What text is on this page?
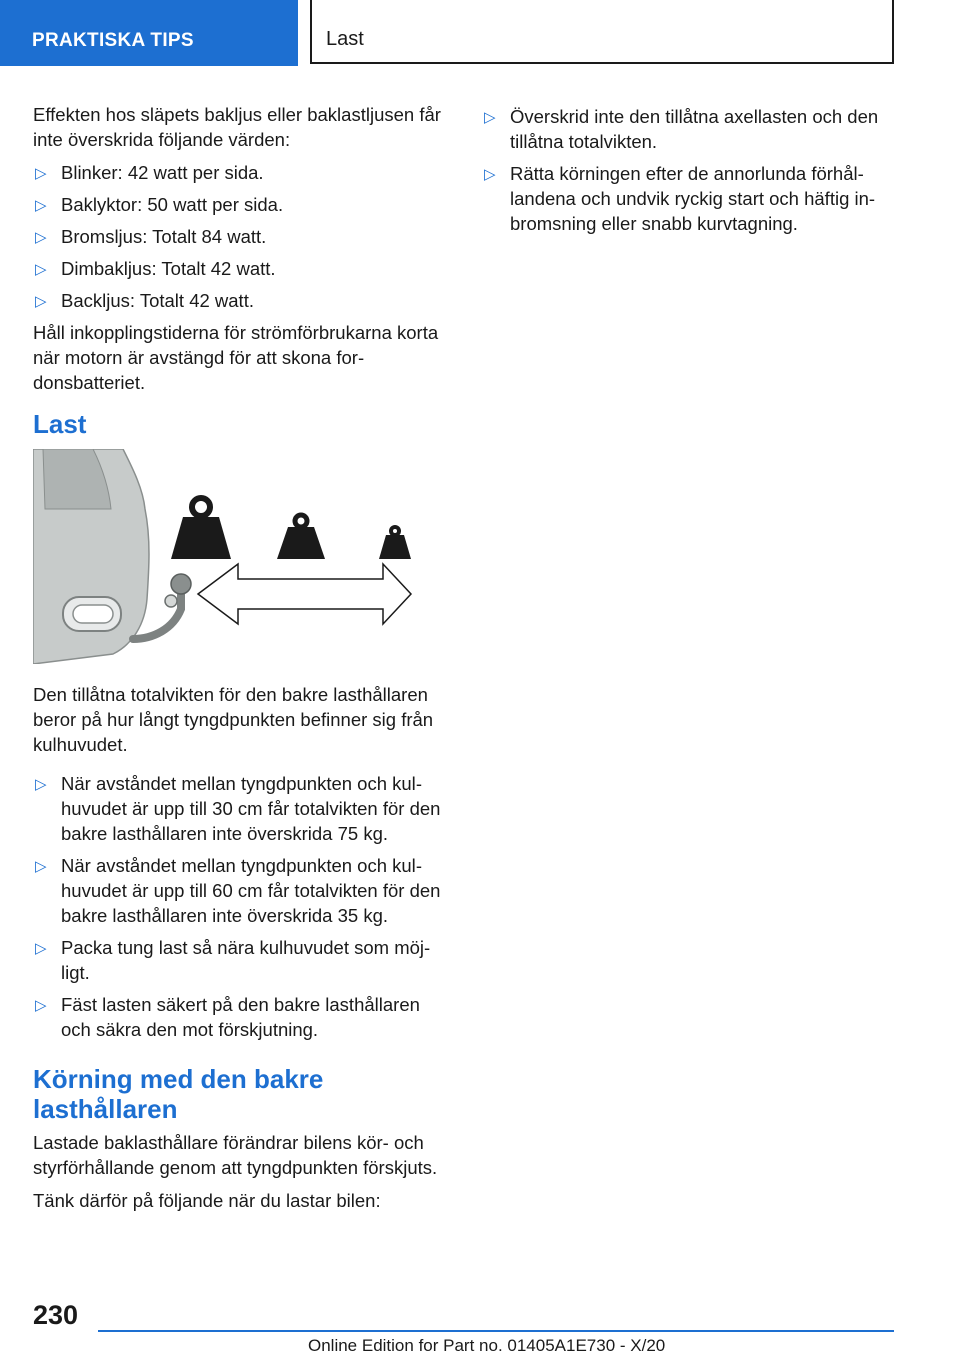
PRAKTISKA TIPS	Last

Effekten hos släpets bakljus eller baklastljusen får inte överskrida följande värden:

▷ Blinker: 42 watt per sida.
▷ Baklyktor: 50 watt per sida.
▷ Bromsljus: Totalt 84 watt.
▷ Dimbakljus: Totalt 42 watt.
▷ Backljus: Totalt 42 watt.

Håll inkopplingstiderna för strömförbrukarna korta när motorn är avstängd för att skona fordonsbatteriet.

Last

Den tillåtna totalvikten för den bakre lasthållaren beror på hur långt tyngdpunkten befinner sig från kulhuvudet.

▷ När avståndet mellan tyngdpunkten och kulhuvudet är upp till 30 cm får totalvikten för den bakre lasthållaren inte överskrida 75 kg.
▷ När avståndet mellan tyngdpunkten och kulhuvudet är upp till 60 cm får totalvikten för den bakre lasthållaren inte överskrida 35 kg.
▷ Packa tung last så nära kulhuvudet som möjligt.
▷ Fäst lasten säkert på den bakre lasthållaren och säkra den mot förskjutning.
Körning med den bakre lasthållaren

Lastade baklasthållare förändrar bilens kör- och styrförhållande genom att tyngdpunkten förskjuts.

Tänk därför på följande när du lastar bilen:

▷ Överskrid inte den tillåtna axellasten och den tillåtna totalvikten.
▷ Rätta körningen efter de annorlunda förhållandena och undvik ryckig start och häftig inbromsning eller snabb kurvtagning.
230
Online Edition for Part no. 01405A1E730 - X/20
